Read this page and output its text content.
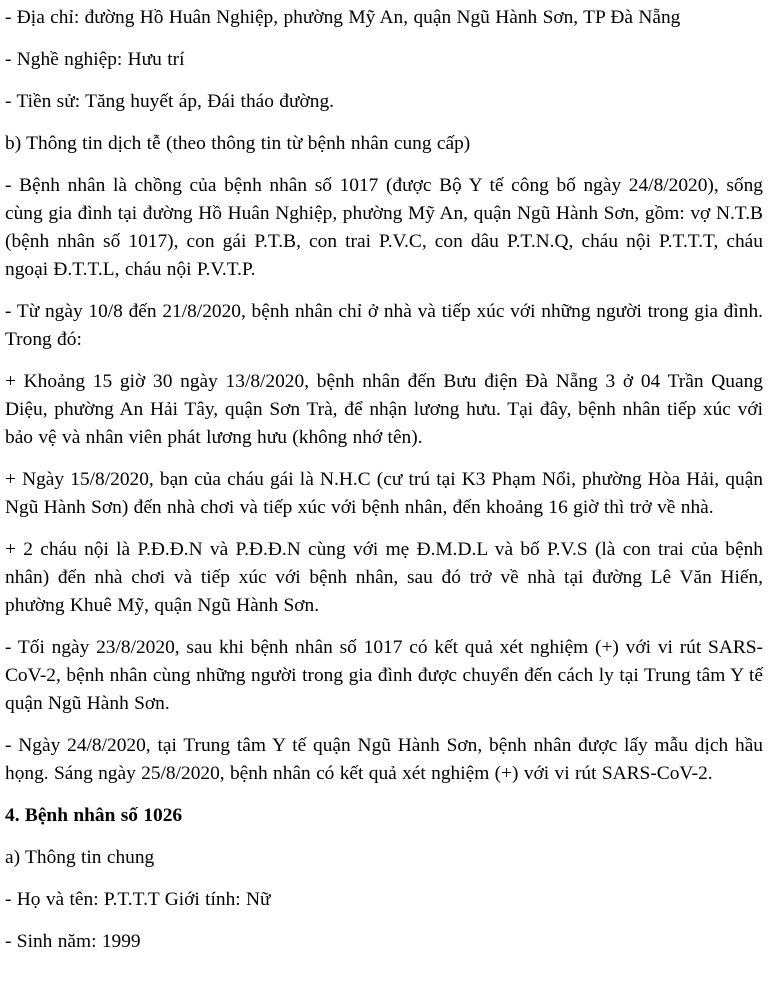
- Địa chỉ: đường Hồ Huân Nghiệp, phường Mỹ An, quận Ngũ Hành Sơn, TP Đà Nẵng

- Nghề nghiệp: Hưu trí

- Tiền sử: Tăng huyết áp, Đái tháo đường.

b) Thông tin dịch tễ (theo thông tin từ bệnh nhân cung cấp)

- Bệnh nhân là chồng của bệnh nhân số 1017 (được Bộ Y tế công bố ngày 24/8/2020), sống cùng gia đình tại đường Hồ Huân Nghiệp, phường Mỹ An, quận Ngũ Hành Sơn, gồm: vợ N.T.B (bệnh nhân số 1017), con gái P.T.B, con trai P.V.C, con dâu P.T.N.Q, cháu nội P.T.T.T, cháu ngoại Đ.T.T.L, cháu nội P.V.T.P.

- Từ ngày 10/8 đến 21/8/2020, bệnh nhân chỉ ở nhà và tiếp xúc với những người trong gia đình. Trong đó:

+ Khoảng 15 giờ 30 ngày 13/8/2020, bệnh nhân đến Bưu điện Đà Nẵng 3 ở 04 Trần Quang Diệu, phường An Hải Tây, quận Sơn Trà, để nhận lương hưu. Tại đây, bệnh nhân tiếp xúc với bảo vệ và nhân viên phát lương hưu (không nhớ tên).

+ Ngày 15/8/2020, bạn của cháu gái là N.H.C (cư trú tại K3 Phạm Nổi, phường Hòa Hải, quận Ngũ Hành Sơn) đến nhà chơi và tiếp xúc với bệnh nhân, đến khoảng 16 giờ thì trở về nhà.

+ 2 cháu nội là P.Đ.Đ.N và P.Đ.Đ.N cùng với mẹ Đ.M.D.L và bố P.V.S (là con trai của bệnh nhân) đến nhà chơi và tiếp xúc với bệnh nhân, sau đó trở về nhà tại đường Lê Văn Hiến, phường Khuê Mỹ, quận Ngũ Hành Sơn.

- Tối ngày 23/8/2020, sau khi bệnh nhân số 1017 có kết quả xét nghiệm (+) với vi rút SARS-CoV-2, bệnh nhân cùng những người trong gia đình được chuyển đến cách ly tại Trung tâm Y tế quận Ngũ Hành Sơn.

- Ngày 24/8/2020, tại Trung tâm Y tế quận Ngũ Hành Sơn, bệnh nhân được lấy mẫu dịch hầu họng. Sáng ngày 25/8/2020, bệnh nhân có kết quả xét nghiệm (+) với vi rút SARS-CoV-2.

4. Bệnh nhân số 1026

a) Thông tin chung

- Họ và tên: P.T.T.T Giới tính: Nữ

- Sinh năm: 1999
